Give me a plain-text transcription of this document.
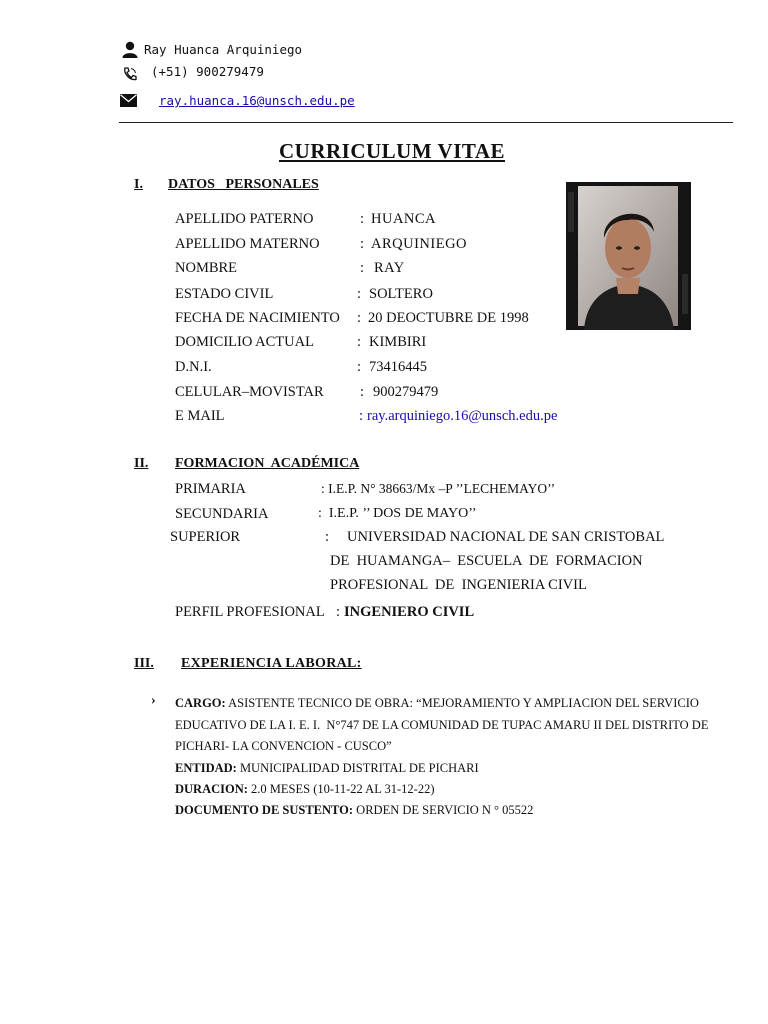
Ray Huanca Arquiniego
(+51) 900279479
ray.huanca.16@unsch.edu.pe
CURRICULUM VITAE
I. DATOS   PERSONALES
APELLIDO PATERNO	: HUANCA
APELLIDO MATERNO	: ARQUINIEGO
NOMBRE	: RAY
ESTADO CIVIL	: SOLTERO
FECHA DE NACIMIENTO : 20 DEOCTUBRE DE 1998
DOMICILIO ACTUAL	: KIMBIRI
D.N.I.	: 73416445
CELULAR–MOVISTAR	: 900279479
E MAIL	: ray.arquiniego.16@unsch.edu.pe
II. FORMACION  ACADÉMICA
PRIMARIA	: I.E.P. N° 38663/Mx –P ’’LECHEMAYO’’
SECUNDARIA	:  I.E.P. ’’ DOS DE MAYO’’
SUPERIOR	: UNIVERSIDAD NACIONAL DE SAN CRISTOBAL
DE  HUAMANGA–  ESCUELA  DE  FORMACION
PROFESIONAL  DE  INGENIERIA CIVIL
PERFIL PROFESIONAL : INGENIERO CIVIL
III. EXPERIENCIA LABORAL:
› CARGO: ASISTENTE TECNICO DE OBRA: “MEJORAMIENTO Y AMPLIACION DEL SERVICIO
EDUCATIVO DE LA I. E. I.  N°747 DE LA COMUNIDAD DE TUPAC AMARU II DEL DISTRITO DE
PICHARI- LA CONVENCION - CUSCO”
ENTIDAD: MUNICIPALIDAD DISTRITAL DE PICHARI
DURACION: 2.0 MESES (10-11-22 AL 31-12-22)
DOCUMENTO DE SUSTENTO: ORDEN DE SERVICIO N ° 05522
